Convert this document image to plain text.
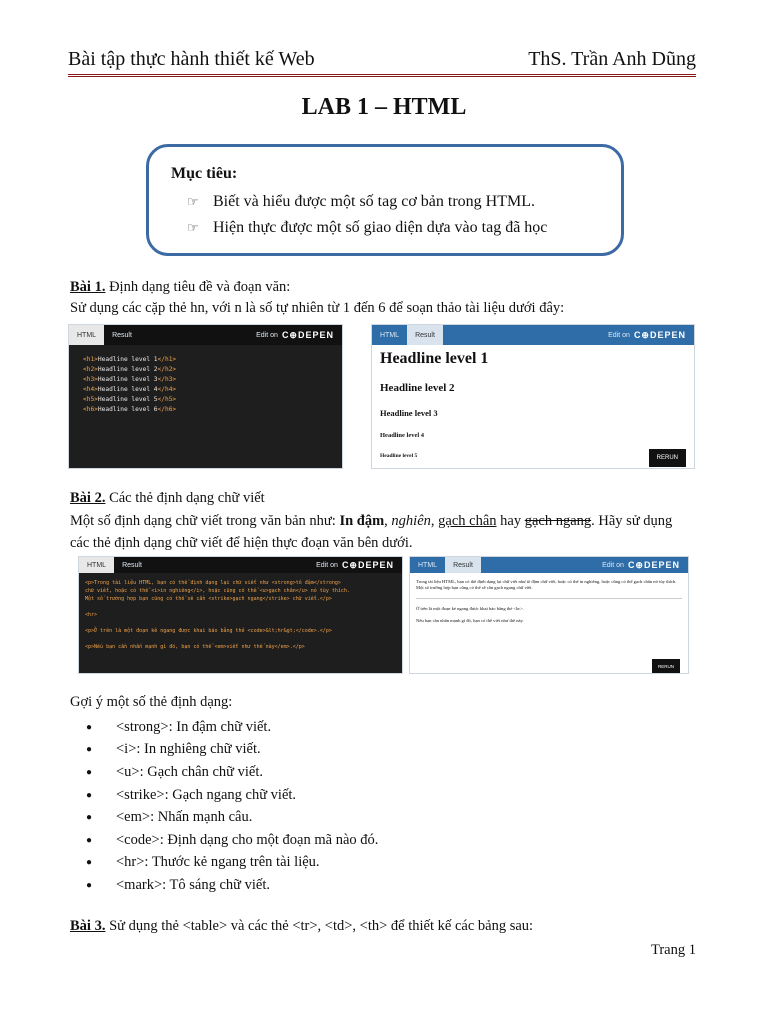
Bài tập thực hành thiết kế Web	ThS. Trần Anh Dũng
LAB 1 – HTML
Mục tiêu:
☞ Biết và hiểu được một số tag cơ bản trong HTML.
☞ Hiện thực được một số giao diện dựa vào tag đã học
Bài 1. Định dạng tiêu đề và đoạn văn:
Sử dụng các cặp thẻ hn, với n là số tự nhiên từ 1 đến 6 để soạn thảo tài liệu dưới đây:
HTML	Result	Edit on C⊕DEPEN
<h1>Headline level 1</h1>
<h2>Headline level 2</h2>
<h3>Headline level 3</h3>
<h4>Headline level 4</h4>
<h5>Headline level 5</h5>
<h6>Headline level 6</h6>
HTML	Result	Edit on C⊕DEPEN
Headline level 1
Headline level 2
Headline level 3
Headline level 4
Headline level 5	RERUN
Bài 2. Các thẻ định dạng chữ viết
Một số định dạng chữ viết trong văn bản như: In đậm, nghiên, gạch chân hay gạch ngang. Hãy sử dụng
các thẻ định dạng chữ viết để hiện thực đoạn văn bên dưới.
HTML	Result	Edit on C⊕DEPEN
<p>Trong tài liệu HTML, bạn có thể định dạng lại chữ viết như <strong>tô đậm</strong>
chữ viết, hoặc có thể <i>in nghiêng</i>, hoặc cũng có thể <u>gạch chân</u> nó tùy thích.
Một số trường hợp bạn cũng có thể sẽ cần <strike>gạch ngang</strike> chữ viết.</p>
<hr>
<p>Ở trên là một đoạn kẻ ngang được khai báo bằng thẻ <code>&lt;hr&gt;</code>.</p>
<p>Nếu bạn cần nhấn mạnh gì đó, bạn có thể <em>viết như thế này</em>.</p>
HTML	Result	Edit on C⊕DEPEN
Trong tài liệu HTML, bạn có thể định dạng lại chữ viết như tô đậm chữ viết, hoặc có thể in nghiêng, hoặc cũng có thể gạch chân nó tùy thích. Một số trường hợp bạn cũng có thể sẽ cần gạch ngang chữ viết.
Ở trên là một đoạn kẻ ngang được khai báo bằng thẻ <hr>.
Nếu bạn cần nhấn mạnh gì đó, bạn có thể viết như thế này.
RERUN
Gợi ý một số thẻ định dạng:
●	<strong>: In đậm chữ viết.
●	<i>: In nghiêng chữ viết.
●	<u>: Gạch chân chữ viết.
●	<strike>: Gạch ngang chữ viết.
●	<em>: Nhấn mạnh câu.
●	<code>: Định dạng cho một đoạn mã nào đó.
●	<hr>: Thước kẻ ngang trên tài liệu.
●	<mark>: Tô sáng chữ viết.
Bài 3. Sử dụng thẻ <table> và các thẻ <tr>, <td>, <th> để thiết kế các bảng sau:
Trang 1
